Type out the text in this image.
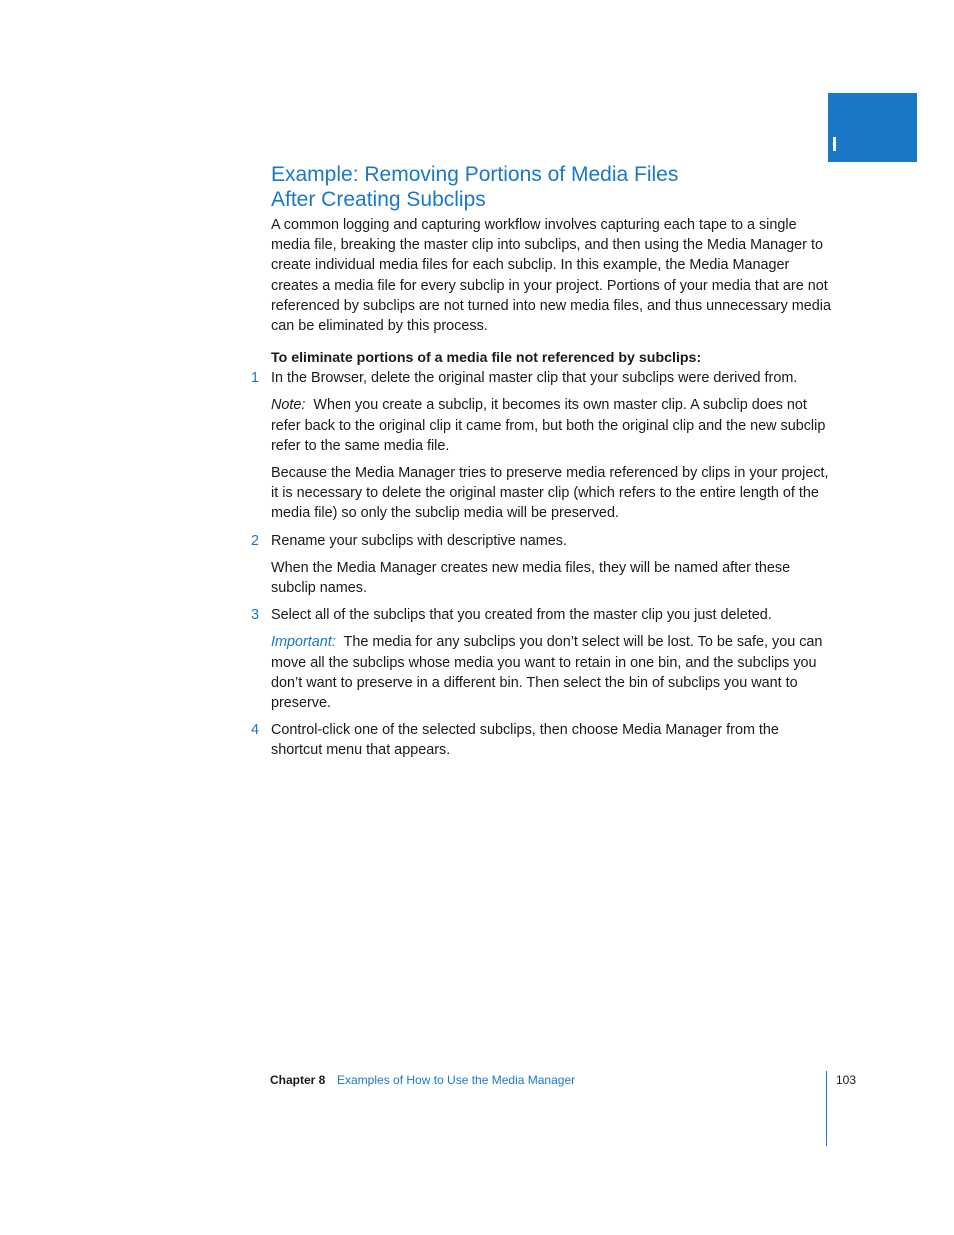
Example: Removing Portions of Media Files
After Creating Subclips

A common logging and capturing workflow involves capturing each tape to a single media file, breaking the master clip into subclips, and then using the Media Manager to create individual media files for each subclip. In this example, the Media Manager creates a media file for every subclip in your project. Portions of your media that are not referenced by subclips are not turned into new media files, and thus unnecessary media can be eliminated by this process.

To eliminate portions of a media file not referenced by subclips:

1 In the Browser, delete the original master clip that your subclips were derived from.

Note: When you create a subclip, it becomes its own master clip. A subclip does not refer back to the original clip it came from, but both the original clip and the new subclip refer to the same media file.

Because the Media Manager tries to preserve media referenced by clips in your project, it is necessary to delete the original master clip (which refers to the entire length of the media file) so only the subclip media will be preserved.

2 Rename your subclips with descriptive names.

When the Media Manager creates new media files, they will be named after these subclip names.

3 Select all of the subclips that you created from the master clip you just deleted.

Important: The media for any subclips you don’t select will be lost. To be safe, you can move all the subclips whose media you want to retain in one bin, and the subclips you don’t want to preserve in a different bin. Then select the bin of subclips you want to preserve.

4 Control-click one of the selected subclips, then choose Media Manager from the shortcut menu that appears.
Chapter 8 Examples of How to Use the Media Manager	103
